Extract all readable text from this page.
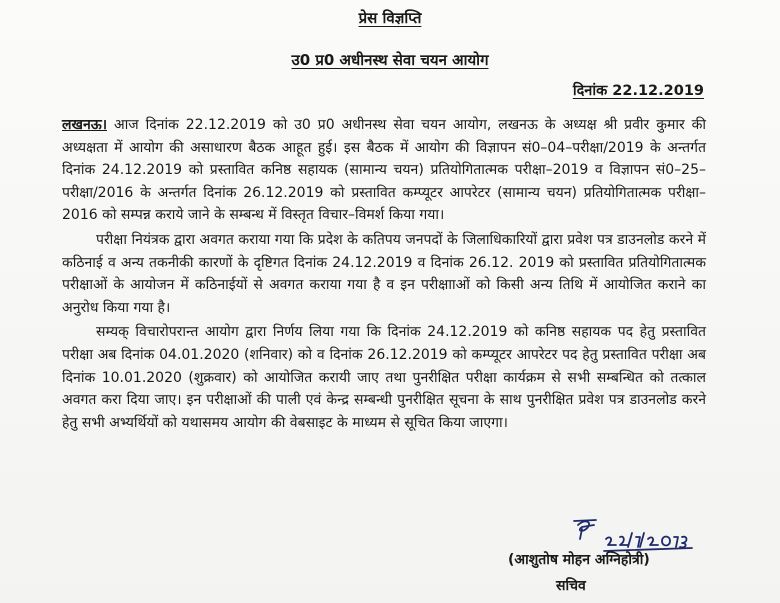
प्रेस विज्ञप्ति
उ0 प्र0 अधीनस्थ सेवा चयन आयोग
दिनांक 22.12.2019

लखनऊ। आज दिनांक 22.12.2019 को उ0 प्र0 अधीनस्थ सेवा चयन आयोग, लखनऊ के अध्यक्ष श्री प्रवीर कुमार की अध्यक्षता में आयोग की असाधारण बैठक आहूत हुई। इस बैठक में आयोग की विज्ञापन सं0–04–परीक्षा/2019 के अन्तर्गत दिनांक 24.12.2019 को प्रस्तावित कनिष्ठ सहायक (सामान्य चयन) प्रतियोगितात्मक परीक्षा–2019 व विज्ञापन सं0–25–परीक्षा/2016 के अन्तर्गत दिनांक 26.12.2019 को प्रस्तावित कम्प्यूटर आपरेटर (सामान्य चयन) प्रतियोगितात्मक परीक्षा–2016 को सम्पन्न कराये जाने के सम्बन्ध में विस्तृत विचार–विमर्श किया गया।

परीक्षा नियंत्रक द्वारा अवगत कराया गया कि प्रदेश के कतिपय जनपदों के जिलाधिकारियों द्वारा प्रवेश पत्र डाउनलोड करने में कठिनाई व अन्य तकनीकी कारणों के दृष्टिगत दिनांक 24.12.2019 व दिनांक 26.12. 2019 को प्रस्तावित प्रतियोगितात्मक परीक्षाओं के आयोजन में कठिनाईयों से अवगत कराया गया है व इन परीक्षााओं को किसी अन्य तिथि में आयोजित कराने का अनुरोध किया गया है।

सम्यक् विचारोपरान्त आयोग द्वारा निर्णय लिया गया कि दिनांक 24.12.2019 को कनिष्ठ सहायक पद हेतु प्रस्तावित परीक्षा अब दिनांक 04.01.2020 (शनिवार) को व दिनांक 26.12.2019 को कम्प्यूटर आपरेटर पद हेतु प्रस्तावित परीक्षा अब दिनांक 10.01.2020 (शुक्रवार) को आयोजित करायी जाए तथा पुनरीक्षित परीक्षा कार्यक्रम से सभी सम्बन्धित को तत्काल अवगत करा दिया जाए। इन परीक्षाओं की पाली एवं केन्द्र सम्बन्धी पुनरीक्षित सूचना के साथ पुनरीक्षित प्रवेश पत्र डाउनलोड करने हेतु सभी अभ्यर्थियों को यथासमय आयोग की वेबसाइट के माध्यम से सूचित किया जाएगा।

(आशुतोष मोहन अग्निहोत्री)
सचिव
